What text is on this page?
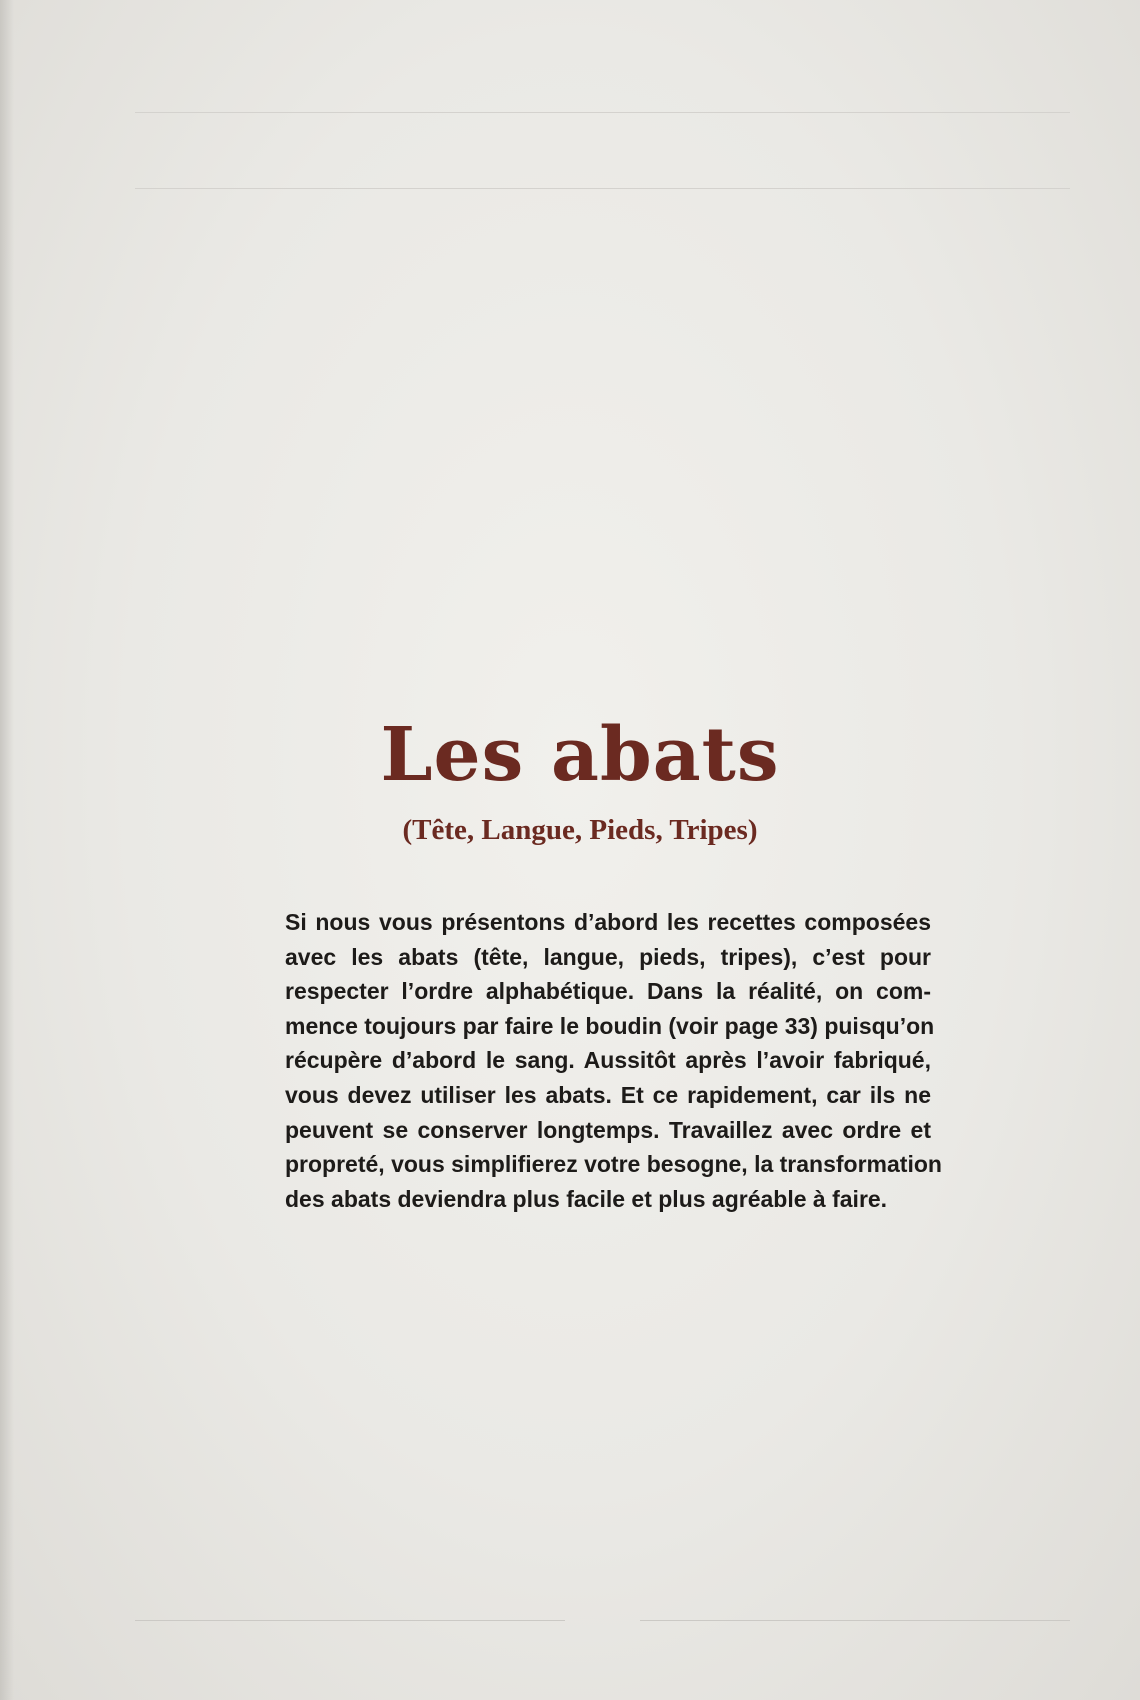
Les abats
(Tête, Langue, Pieds, Tripes)

Si nous vous présentons d’abord les recettes composées
avec les abats (tête, langue, pieds, tripes), c’est pour
respecter l’ordre alphabétique. Dans la réalité, on com-
mence toujours par faire le boudin (voir page 33) puisqu’on
récupère d’abord le sang. Aussitôt après l’avoir fabriqué,
vous devez utiliser les abats. Et ce rapidement, car ils ne
peuvent se conserver longtemps. Travaillez avec ordre et
propreté, vous simplifierez votre besogne, la transformation
des abats deviendra plus facile et plus agréable à faire.
